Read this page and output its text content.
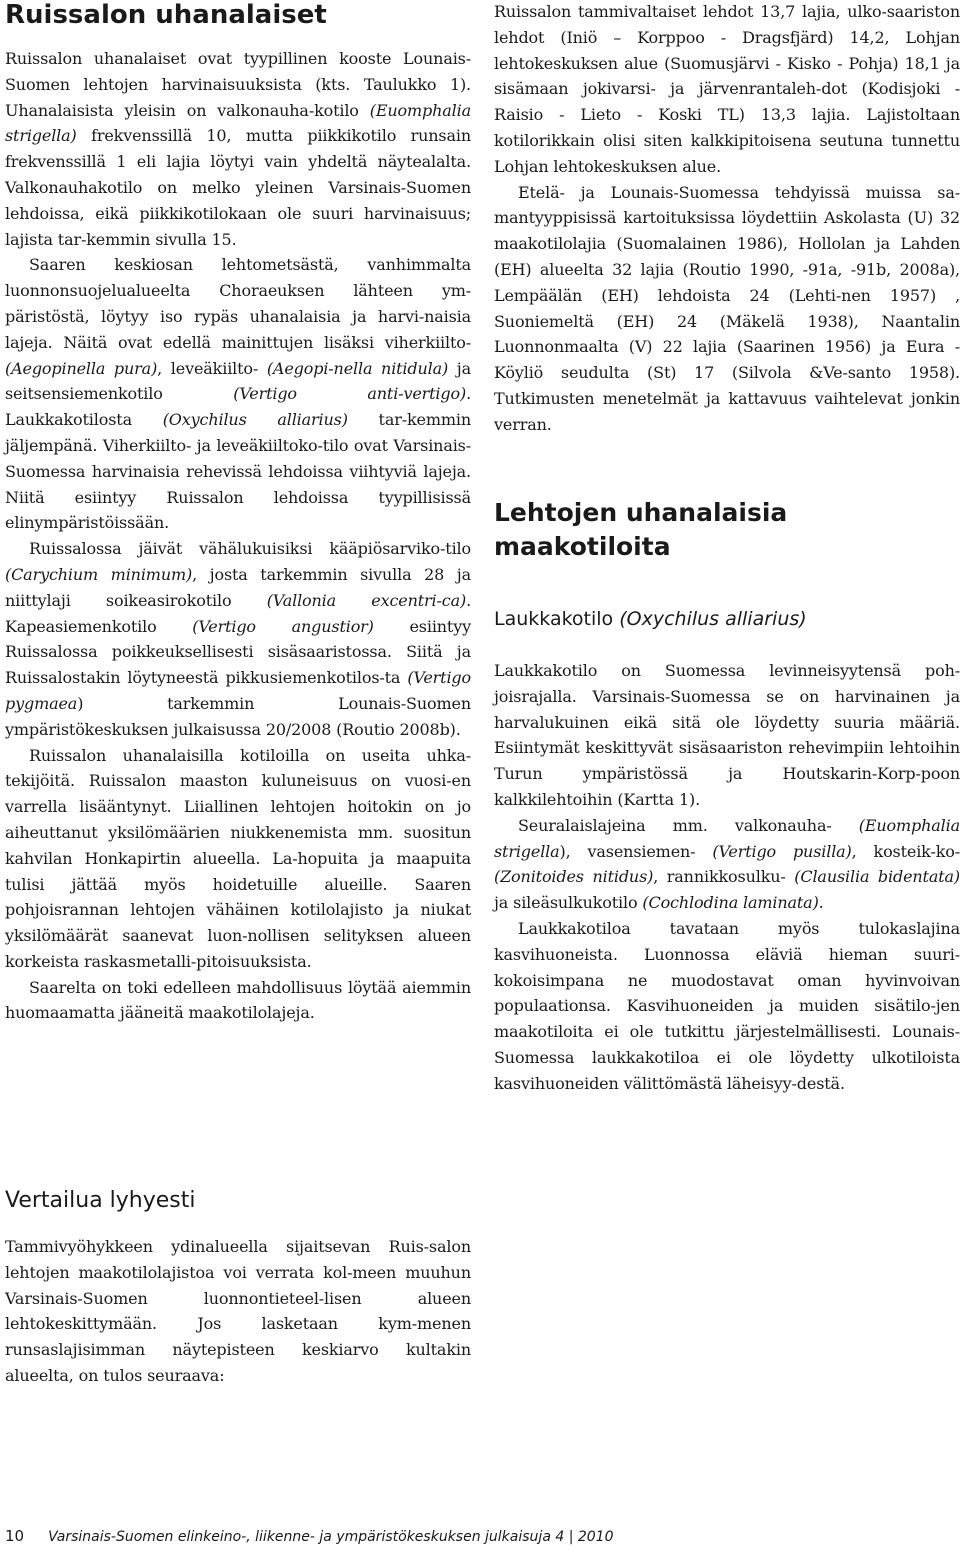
Ruissalon uhanalaiset

Ruissalon uhanalaiset ovat tyypillinen kooste Lounais-Suomen lehtojen harvinaisuuksista (kts. Taulukko 1). Uhanalaisista yleisin on valkonauha-kotilo (Euomphalia strigella) frekvenssillä 10, mutta piikkikotilo runsain frekvenssillä 1 eli lajia löytyi vain yhdeltä näytealalta. Valkonauhakotilo on melko yleinen Varsinais-Suomen lehdoissa, eikä piikkikotilokaan ole suuri harvinaisuus; lajista tar-kemmin sivulla 15.

Saaren keskiosan lehtometsästä, vanhimmalta luonnonsuojelualueelta Choraeuksen lähteen ym-päristöstä, löytyy iso rypäs uhanalaisia ja harvi-naisia lajeja. Näitä ovat edellä mainittujen lisäksi viherkiilto- (Aegopinella pura), leveäkiilto- (Aegopi-nella nitidula) ja seitsensiemenkotilo (Vertigo anti-vertigo). Laukkakotilosta (Oxychilus alliarius) tar-kemmin jäljempänä. Viherkiilto- ja leveäkiiltoko-tilo ovat Varsinais-Suomessa harvinaisia rehevissä lehdoissa viihtyviä lajeja. Niitä esiintyy Ruissalon lehdoissa tyypillisissä elinympäristöissään.

Ruissalossa jäivät vähälukuisiksi kääpiösarviko-tilo (Carychium minimum), josta tarkemmin sivulla 28 ja niittylaji soikeasirokotilo (Vallonia excentri-ca). Kapeasiemenkotilo (Vertigo angustior) esiintyy Ruissalossa poikkeuksellisesti sisäsaaristossa. Siitä ja Ruissalostakin löytyneestä pikkusiemenkotilos-ta (Vertigo pygmaea) tarkemmin Lounais-Suomen ympäristökeskuksen julkaisussa 20/2008 (Routio 2008b).

Ruissalon uhanalaisilla kotiloilla on useita uhka-tekijöitä. Ruissalon maaston kuluneisuus on vuosi-en varrella lisääntynyt. Liiallinen lehtojen hoitokin on jo aiheuttanut yksilömäärien niukkenemista mm. suositun kahvilan Honkapirtin alueella. La-hopuita ja maapuita tulisi jättää myös hoidetuille alueille. Saaren pohjoisrannan lehtojen vähäinen kotilolajisto ja niukat yksilömäärät saanevat luon-nollisen selityksen alueen korkeista raskasmetalli-pitoisuuksista.

Saarelta on toki edelleen mahdollisuus löytää aiemmin huomaamatta jääneitä maakotilolajeja.

Vertailua lyhyesti

Tammivyöhykkeen ydinalueella sijaitsevan Ruis-salon lehtojen maakotilolajistoa voi verrata kol-meen muuhun Varsinais-Suomen luonnontieteel-lisen alueen lehtokeskittymään. Jos lasketaan kym-menen runsaslajisimman näytepisteen keskiarvo kultakin alueelta, on tulos seuraava:

Ruissalon tammivaltaiset lehdot 13,7 lajia, ulko-saariston lehdot (Iniö – Korppoo - Dragsfjärd) 14,2, Lohjan lehtokeskuksen alue (Suomusjärvi - Kisko - Pohja) 18,1 ja sisämaan jokivarsi- ja järvenrantaleh-dot (Kodisjoki - Raisio - Lieto - Koski TL) 13,3 lajia. Lajistoltaan kotilorikkain olisi siten kalkkipitoisena seutuna tunnettu Lohjan lehtokeskuksen alue.

Etelä- ja Lounais-Suomessa tehdyissä muissa sa-mantyyppisissä kartoituksissa löydettiin Askolasta (U) 32 maakotilolajia (Suomalainen 1986), Hollolan ja Lahden (EH) alueelta 32 lajia (Routio 1990, -91a, -91b, 2008a), Lempäälän (EH) lehdoista 24 (Lehti-nen 1957) , Suoniemeltä (EH) 24 (Mäkelä 1938), Naantalin Luonnonmaalta (V) 22 lajia (Saarinen 1956) ja Eura - Köyliö seudulta (St) 17 (Silvola &Ve-santo 1958). Tutkimusten menetelmät ja kattavuus vaihtelevat jonkin verran.

Lehtojen uhanalaisia
maakotiloita
Laukkakotilo (Oxychilus alliarius)

Laukkakotilo on Suomessa levinneisyytensä poh-joisrajalla. Varsinais-Suomessa se on harvinainen ja harvalukuinen eikä sitä ole löydetty suuria määriä. Esiintymät keskittyvät sisäsaariston rehevimpiin lehtoihin Turun ympäristössä ja Houtskarin-Korp-poon kalkkilehtoihin (Kartta 1).

Seuralaislajeina mm. valkonauha- (Euomphalia strigella), vasensiemen- (Vertigo pusilla), kosteik-ko- (Zonitoides nitidus), rannikkosulku- (Clausilia bidentata) ja sileäsulkukotilo (Cochlodina laminata).

Laukkakotiloa tavataan myös tulokaslajina kasvihuoneista. Luonnossa eläviä hieman suuri-kokoisimpana ne muodostavat oman hyvinvoivan populaationsa. Kasvihuoneiden ja muiden sisätilo-jen maakotiloita ei ole tutkittu järjestelmällisesti. Lounais-Suomessa laukkakotiloa ei ole löydetty ulkotiloista kasvihuoneiden välittömästä läheisyy-destä.

10 Varsinais-Suomen elinkeino-, liikenne- ja ympäristökeskuksen julkaisuja 4 | 2010
